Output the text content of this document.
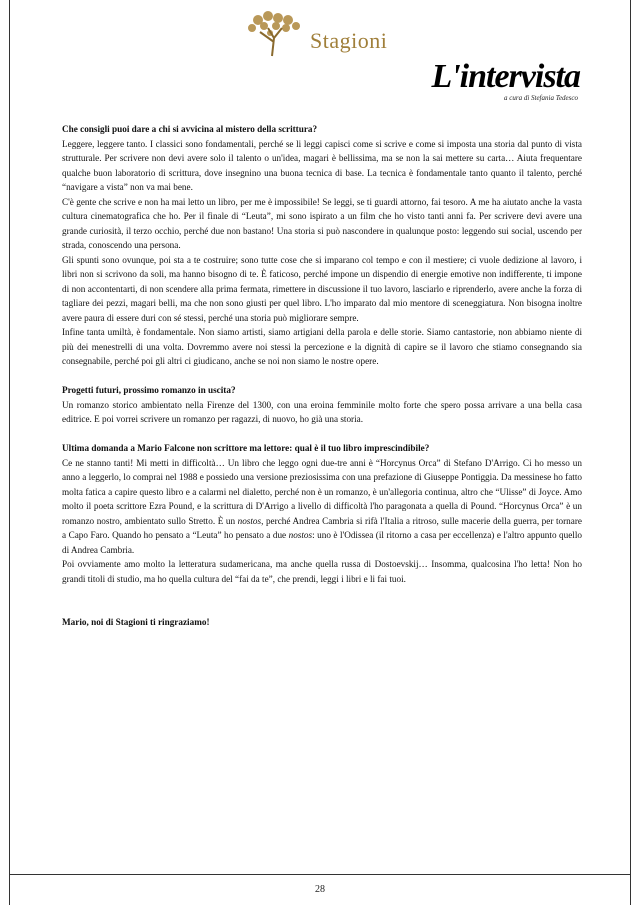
Stagioni
L'intervista
a cura di Stefania Tedesco

Che consigli puoi dare a chi si avvicina al mistero della scrittura?

Leggere, leggere tanto. I classici sono fondamentali, perché se li leggi capisci come si scrive e come si imposta una storia dal punto di vista strutturale. Per scrivere non devi avere solo il talento o un'idea, magari è bellissima, ma se non la sai mettere su carta… Aiuta frequentare qualche buon laboratorio di scrittura, dove insegnino una buona tecnica di base. La tecnica è fondamentale tanto quanto il talento, perché “navigare a vista” non va mai bene.

C'è gente che scrive e non ha mai letto un libro, per me è impossibile! Se leggi, se ti guardi attorno, fai tesoro. A me ha aiutato anche la vasta cultura cinematografica che ho. Per il finale di “Leuta”, mi sono ispirato a un film che ho visto tanti anni fa. Per scrivere devi avere una grande curiosità, il terzo occhio, perché due non bastano! Una storia si può nascondere in qualunque posto: leggendo sui social, uscendo per strada, conoscendo una persona.

Gli spunti sono ovunque, poi sta a te costruire; sono tutte cose che si imparano col tempo e con il mestiere; ci vuole dedizione al lavoro, i libri non si scrivono da soli, ma hanno bisogno di te. È faticoso, perché impone un dispendio di energie emotive non indifferente, ti impone di non accontentarti, di non scendere alla prima fermata, rimettere in discussione il tuo lavoro, lasciarlo e riprenderlo, avere anche la forza di tagliare dei pezzi, magari belli, ma che non sono giusti per quel libro. L'ho imparato dal mio mentore di sceneggiatura. Non bisogna inoltre avere paura di essere duri con sé stessi, perché una storia può migliorare sempre.

Infine tanta umiltà, è fondamentale. Non siamo artisti, siamo artigiani della parola e delle storie. Siamo cantastorie, non abbiamo niente di più dei menestrelli di una volta. Dovremmo avere noi stessi la percezione e la dignità di capire se il lavoro che stiamo consegnando sia consegnabile, perché poi gli altri ci giudicano, anche se noi non siamo le nostre opere.

Progetti futuri, prossimo romanzo in uscita?

Un romanzo storico ambientato nella Firenze del 1300, con una eroina femminile molto forte che spero possa arrivare a una bella casa editrice. E poi vorrei scrivere un romanzo per ragazzi, di nuovo, ho già una storia.

Ultima domanda a Mario Falcone non scrittore ma lettore: qual è il tuo libro imprescindibile?

Ce ne stanno tanti! Mi metti in difficoltà… Un libro che leggo ogni due-tre anni è “Horcynus Orca” di Stefano D'Arrigo. Ci ho messo un anno a leggerlo, lo comprai nel 1988 e possiedo una versione preziosissima con una prefazione di Giuseppe Pontiggia. Da messinese ho fatto molta fatica a capire questo libro e a calarmi nel dialetto, perché non è un romanzo, è un'allegoria continua, altro che “Ulisse” di Joyce. Amo molto il poeta scrittore Ezra Pound, e la scrittura di D'Arrigo a livello di difficoltà l'ho paragonata a quella di Pound. “Horcynus Orca” è un romanzo nostro, ambientato sullo Stretto. È un nostos, perché Andrea Cambria si rifà l'Italia a ritroso, sulle macerie della guerra, per tornare a Capo Faro. Quando ho pensato a “Leuta” ho pensato a due nostos: uno è l'Odissea (il ritorno a casa per eccellenza) e l'altro appunto quello di Andrea Cambria.

Poi ovviamente amo molto la letteratura sudamericana, ma anche quella russa di Dostoevskij… Insomma, qualcosina l'ho letta! Non ho grandi titoli di studio, ma ho quella cultura del “fai da te”, che prendi, leggi i libri e li fai tuoi.

Mario, noi di Stagioni ti ringraziamo!

28
